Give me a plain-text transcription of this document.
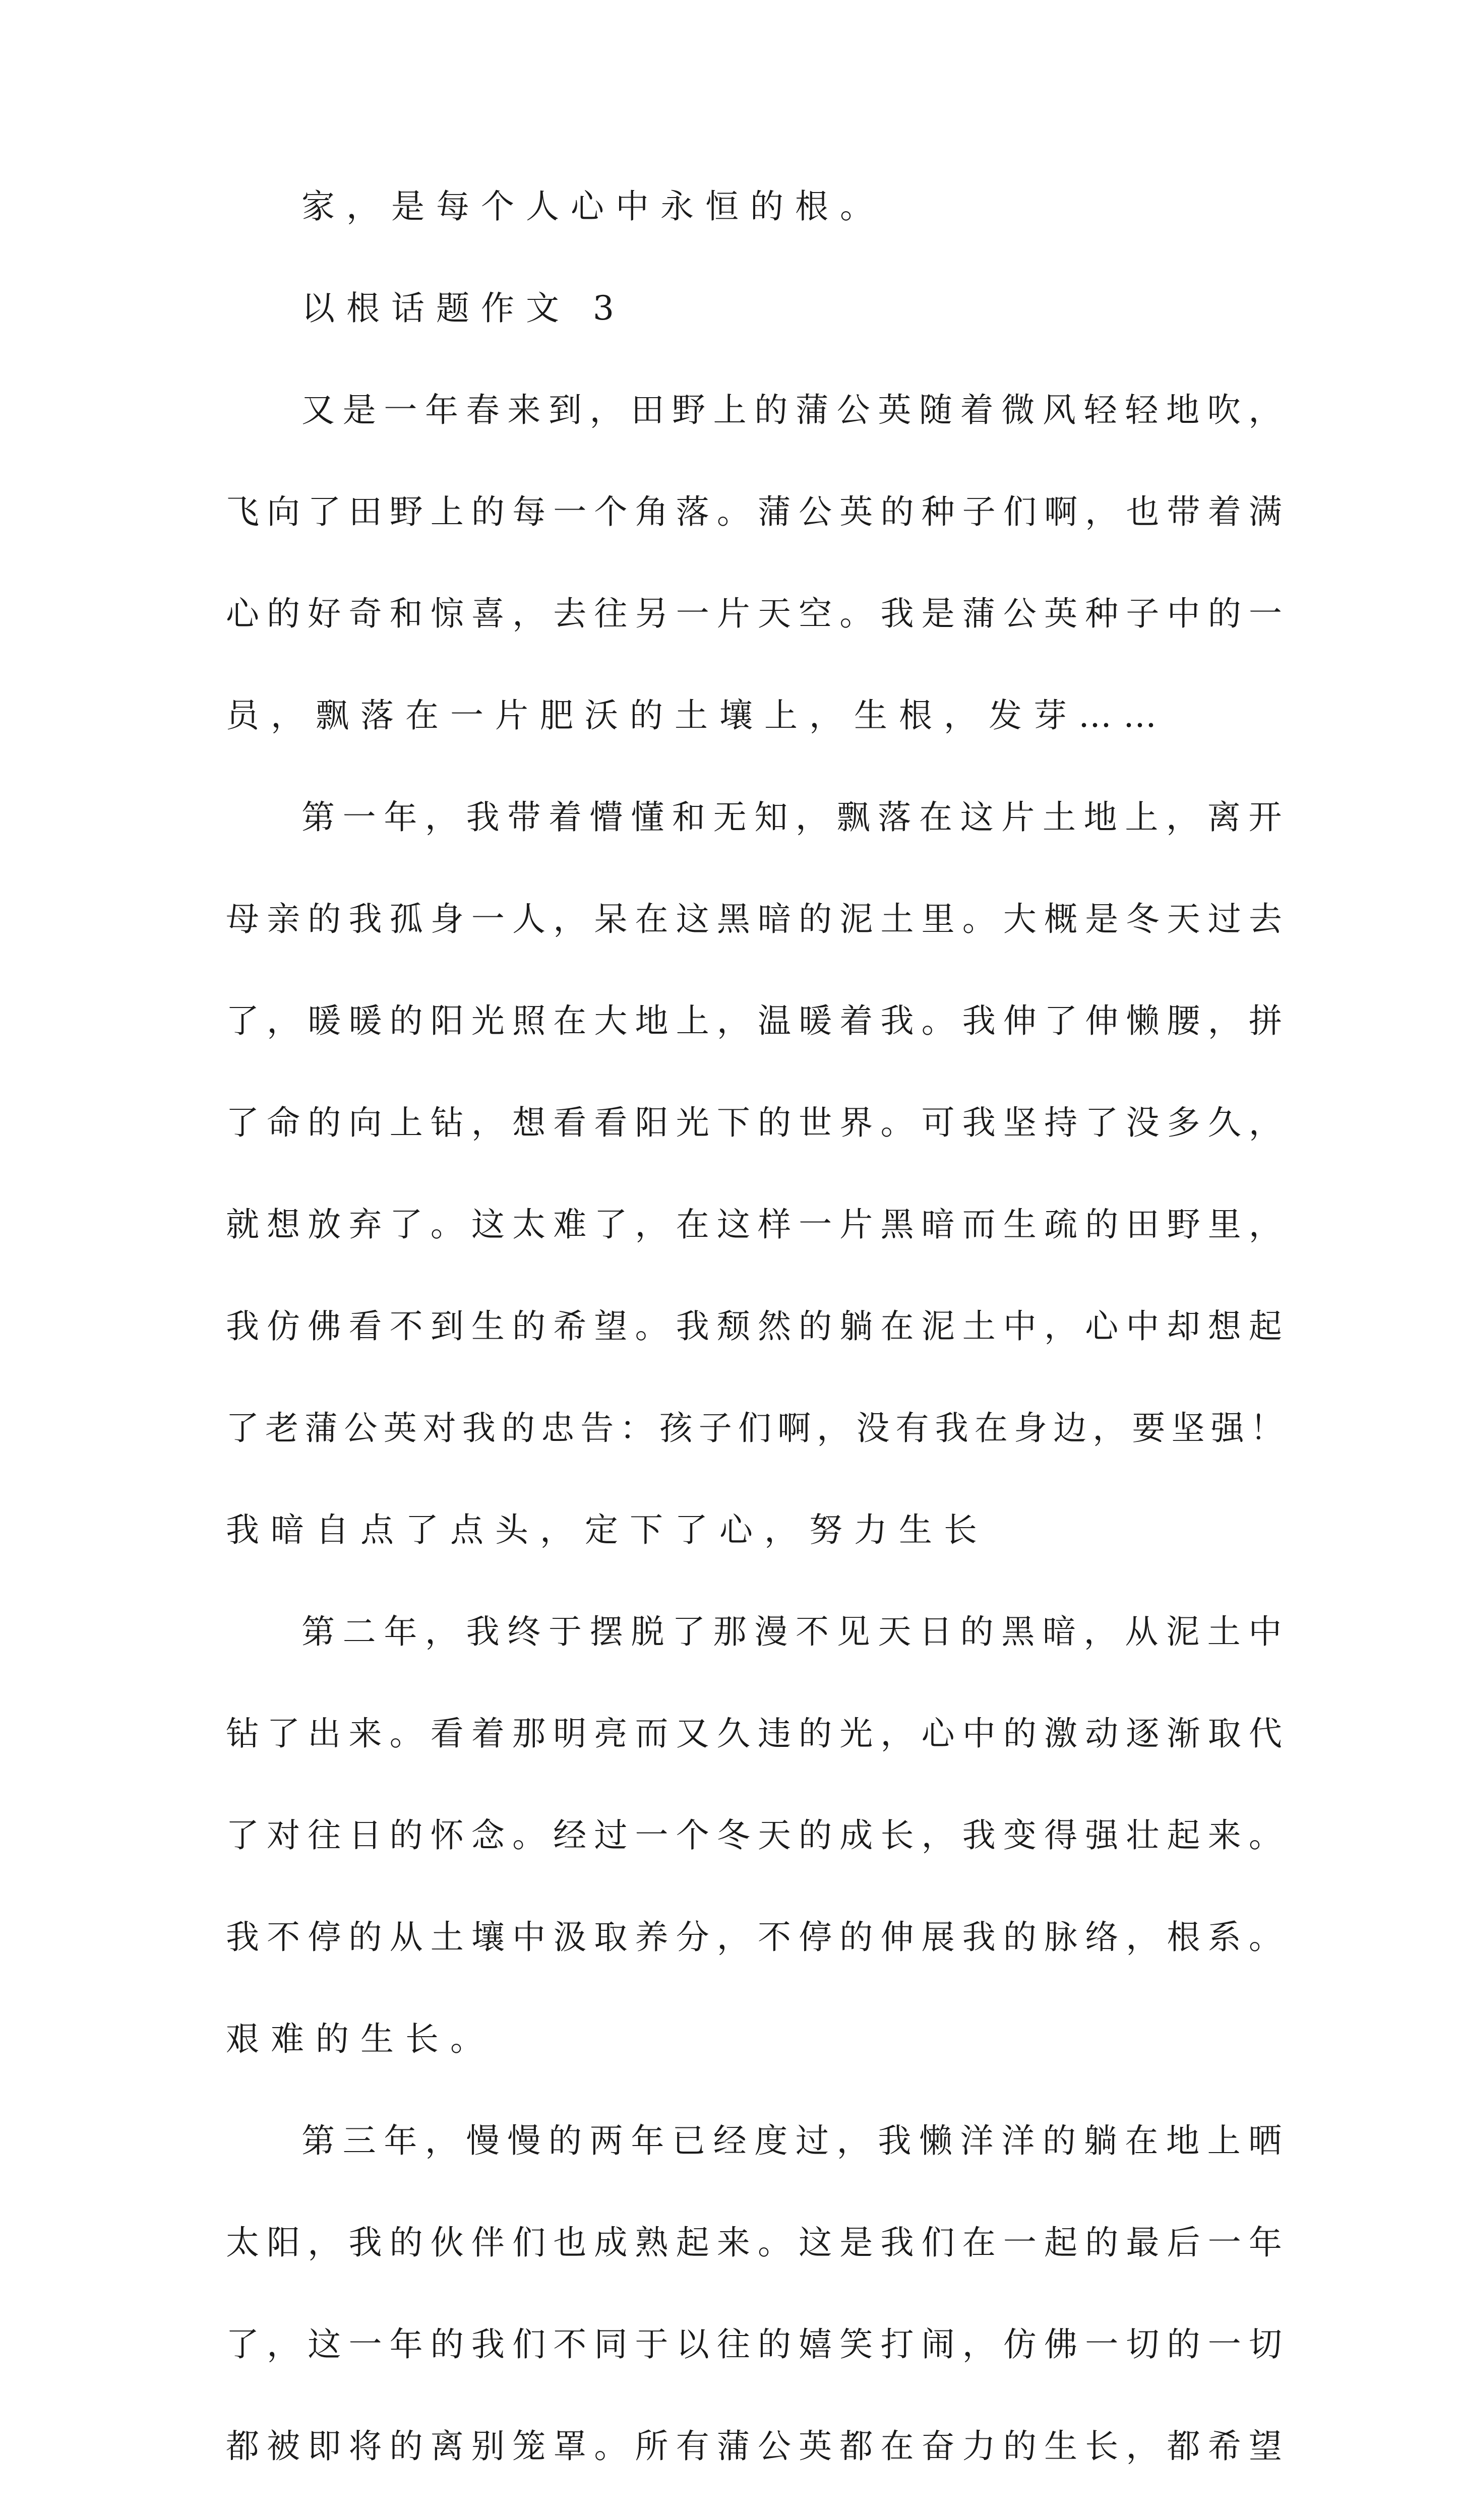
家，是每个人心中永恒的根。
以根话题作文 3
又是一年春来到，田野上的蒲公英随着微风轻轻地吹，
飞向了田野上的每一个角落。蒲公英的种子们啊，也带着满
心的好奇和惊喜，去往另一片天空。我是蒲公英种子中的一
员，飘落在一片肥沃的土壤上，生根，发芽……
第一年，我带着懵懂和无知，飘落在这片土地上，离开
母亲的我孤身一人，呆在这黑暗的泥土里。大概是冬天过去
了，暖暖的阳光照在大地上，温暖着我。我伸了伸懒腰，拼
了命的向上钻，想看看阳光下的世界。可我坚持了没多久，
就想放弃了。这太难了，在这样一片黑暗而生疏的田野里，
我仿佛看不到生的希望。我颓然的躺在泥土中，心中却想起
了老蒲公英对我的忠告：孩子们啊，没有我在身边，要坚强！
我暗自点了点头，定下了心，努力生长
第二年，我终于摆脱了那漫不见天日的黑暗，从泥土中
钻了出来。看着那明亮而又久违的光，心中的激动逐渐取代
了对往日的怀念。经过一个冬天的成长，我变得强壮起来。
我不停的从土壤中汲取养分，不停的伸展我的脉络，根系。
艰难的生长。
第三年，慢慢的两年已经度过，我懒洋洋的躺在地上晒
太阳，我的伙伴们也成熟起来。这是我们在一起的最后一年
了，这一年的我们不同于以往的嬉笑打闹，仿佛一切的一切
都被即将的离别笼罩。所有蒲公英都在奋力的生长，都希望
